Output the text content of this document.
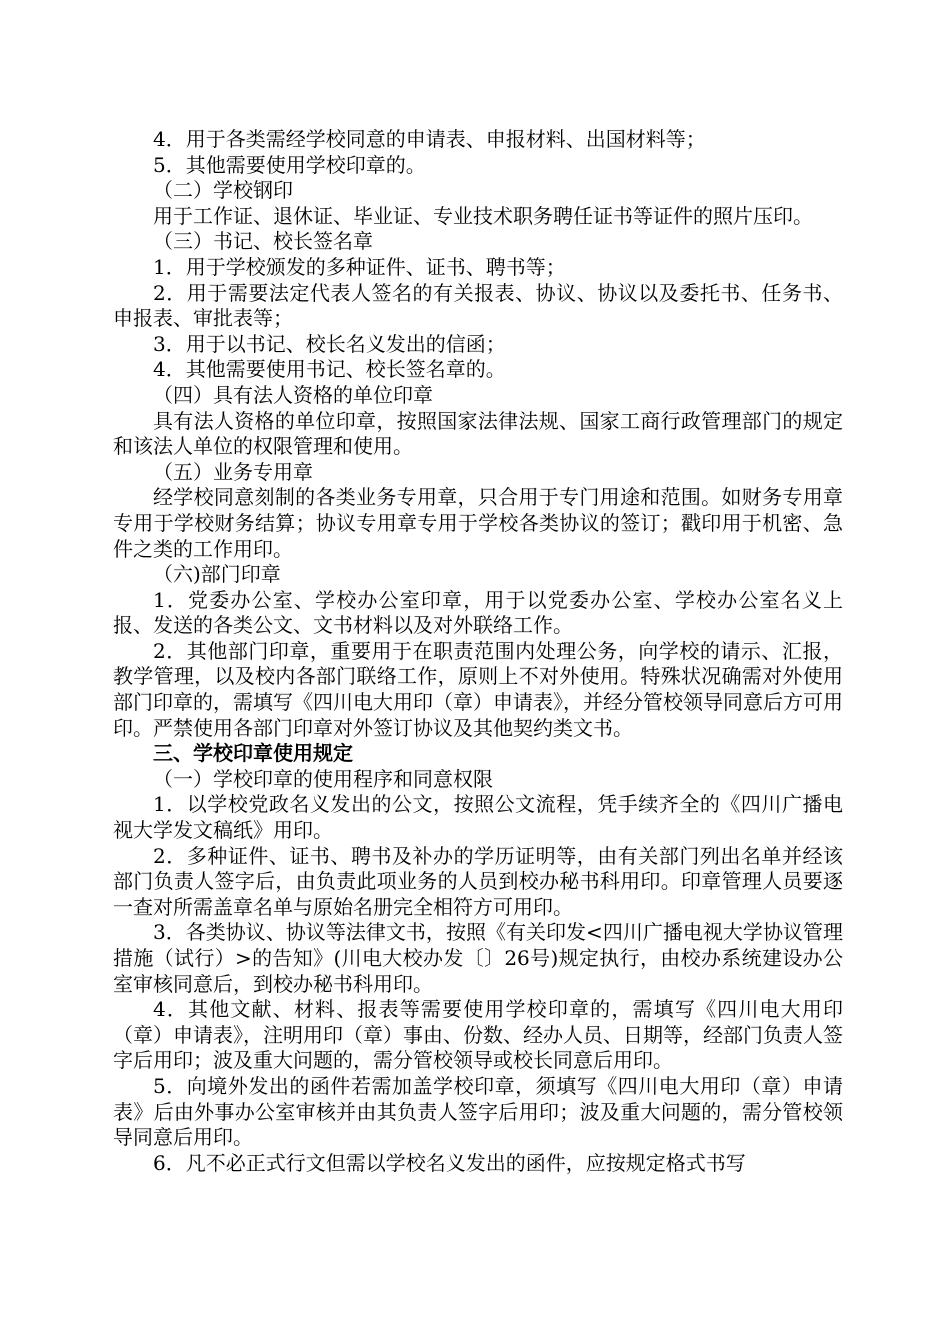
4．用于各类需经学校同意的申请表、申报材料、出国材料等；

5．其他需要使用学校印章的。

（二）学校钢印

用于工作证、退休证、毕业证、专业技术职务聘任证书等证件的照片压印。

（三）书记、校长签名章

1．用于学校颁发的多种证件、证书、聘书等；

2．用于需要法定代表人签名的有关报表、协议、协议以及委托书、任务书、申报表、审批表等；

3．用于以书记、校长名义发出的信函；

4．其他需要使用书记、校长签名章的。

（四）具有法人资格的单位印章

具有法人资格的单位印章，按照国家法律法规、国家工商行政管理部门的规定和该法人单位的权限管理和使用。

（五）业务专用章

经学校同意刻制的各类业务专用章，只合用于专门用途和范围。如财务专用章专用于学校财务结算；协议专用章专用于学校各类协议的签订；戳印用于机密、急件之类的工作用印。

（六)部门印章

1．党委办公室、学校办公室印章，用于以党委办公室、学校办公室名义上报、发送的各类公文、文书材料以及对外联络工作。

2．其他部门印章，重要用于在职责范围内处理公务，向学校的请示、汇报，教学管理，以及校内各部门联络工作，原则上不对外使用。特殊状况确需对外使用部门印章的，需填写《四川电大用印（章）申请表》，并经分管校领导同意后方可用印。严禁使用各部门印章对外签订协议及其他契约类文书。

三、学校印章使用规定

（一）学校印章的使用程序和同意权限

1．以学校党政名义发出的公文，按照公文流程，凭手续齐全的《四川广播电视大学发文稿纸》用印。

2．多种证件、证书、聘书及补办的学历证明等，由有关部门列出名单并经该部门负责人签字后，由负责此项业务的人员到校办秘书科用印。印章管理人员要逐一查对所需盖章名单与原始名册完全相符方可用印。

3．各类协议、协议等法律文书，按照《有关印发<四川广播电视大学协议管理措施（试行）>的告知》(川电大校办发〔〕26号)规定执行，由校办系统建设办公室审核同意后，到校办秘书科用印。

4．其他文献、材料、报表等需要使用学校印章的，需填写《四川电大用印（章）申请表》，注明用印（章）事由、份数、经办人员、日期等，经部门负责人签字后用印；波及重大问题的，需分管校领导或校长同意后用印。

5．向境外发出的函件若需加盖学校印章，须填写《四川电大用印（章）申请表》后由外事办公室审核并由其负责人签字后用印；波及重大问题的，需分管校领导同意后用印。

6．凡不必正式行文但需以学校名义发出的函件，应按规定格式书写
